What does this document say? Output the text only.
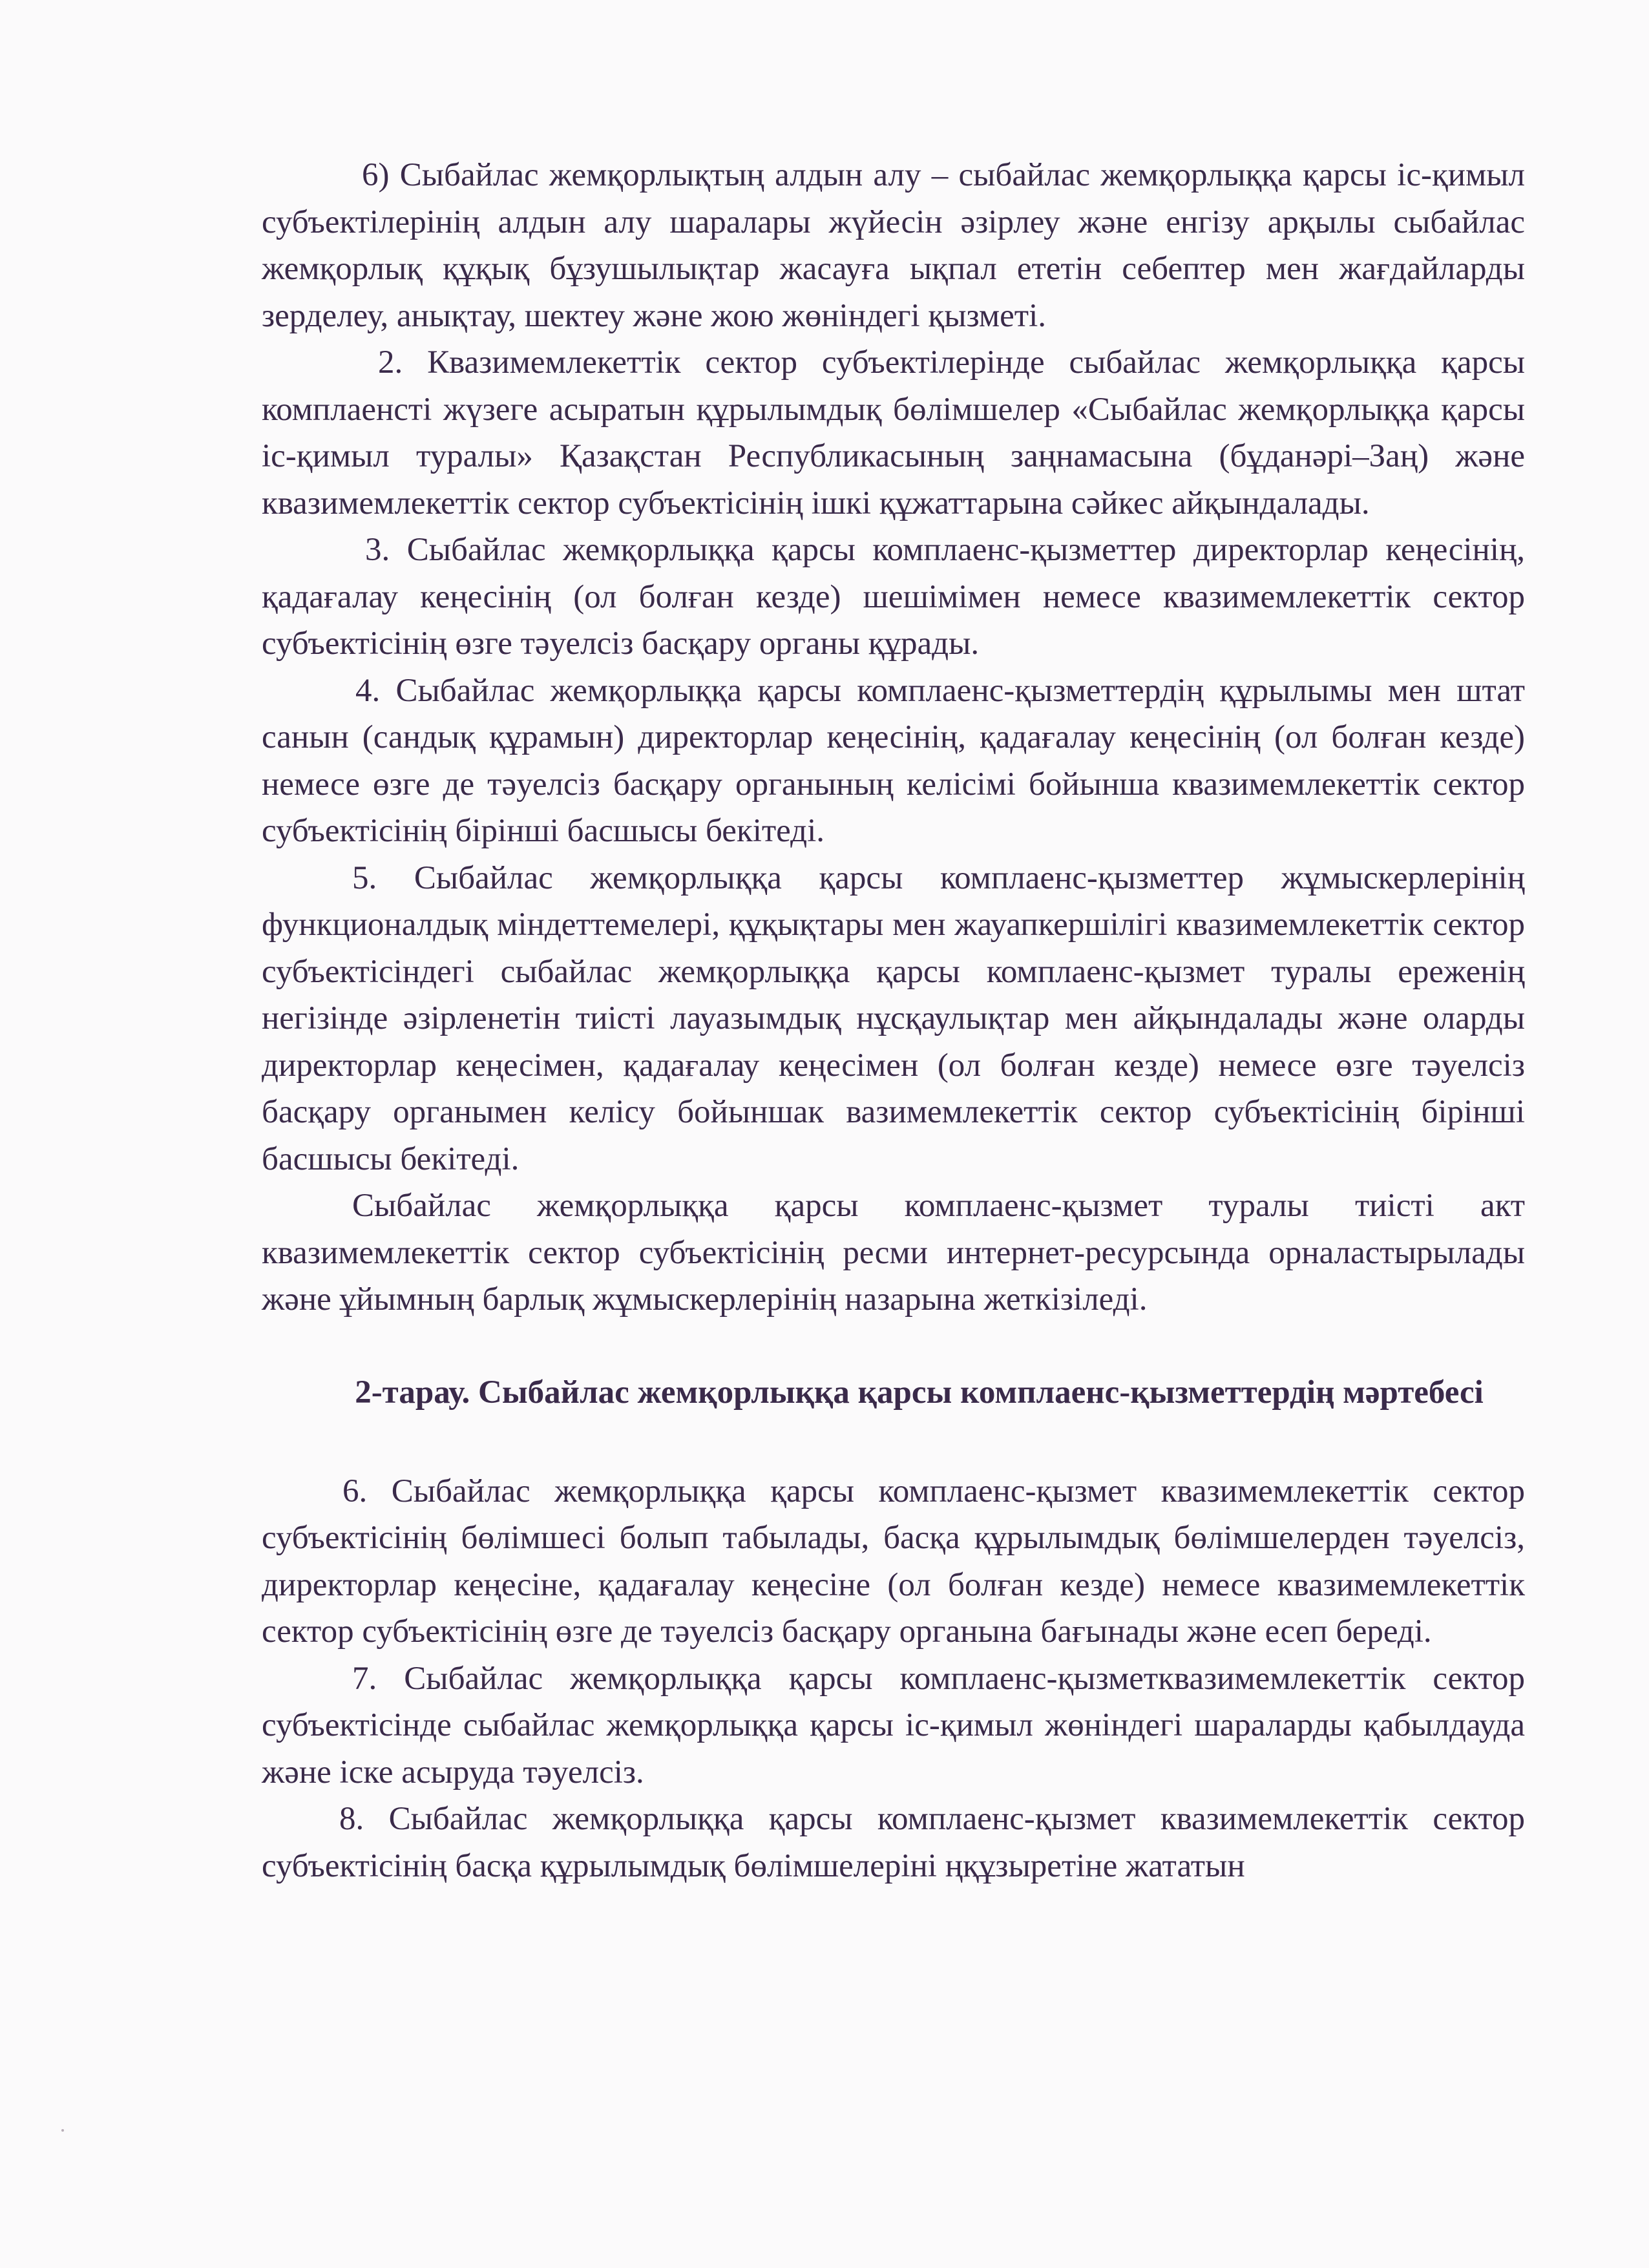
6) Сыбайлас жемқорлықтың алдын алу – сыбайлас жемқорлыққа қарсы іс-қимыл субъектілерінің алдын алу шаралары жүйесін әзірлеу және енгізу арқылы сыбайлас жемқорлық құқық бұзушылықтар жасауға ықпал ететін себептер мен жағдайларды зерделеу, анықтау, шектеу және жою жөніндегі қызметі.

2. Квазимемлекеттік сектор субъектілерінде сыбайлас жемқорлыққа қарсы комплаенсті жүзеге асыратын құрылымдық бөлімшелер «Сыбайлас жемқорлыққа қарсы іс-қимыл туралы» Қазақстан Республикасының заңнамасына (бұданәрі–Заң) және квазимемлекеттік сектор субъектісінің ішкі құжаттарына сәйкес айқындалады.

3. Сыбайлас жемқорлыққа қарсы комплаенс-қызметтер директорлар кеңесінің, қадағалау кеңесінің (ол болған кезде) шешімімен немесе квазимемлекеттік сектор субъектісінің өзге тәуелсіз басқару органы құрады.

4. Сыбайлас жемқорлыққа қарсы комплаенс-қызметтердің құрылымы мен штат санын (сандық құрамын) директорлар кеңесінің, қадағалау кеңесінің (ол болған кезде) немесе өзге де тәуелсіз басқару органының келісімі бойынша квазимемлекеттік сектор субъектісінің бірінші басшысы бекітеді.

5. Сыбайлас жемқорлыққа қарсы комплаенс-қызметтер жұмыскерлерінің функционалдық міндеттемелері, құқықтары мен жауапкершілігі квазимемлекеттік сектор субъектісіндегі сыбайлас жемқорлыққа қарсы комплаенс-қызмет туралы ереженің негізінде әзірленетін тиісті лауазымдық нұсқаулықтар мен айқындалады және оларды директорлар кеңесімен, қадағалау кеңесімен (ол болған кезде) немесе өзге тәуелсіз басқару органымен келісу бойыншак вазимемлекеттік сектор субъектісінің бірінші басшысы бекітеді.

Сыбайлас жемқорлыққа қарсы комплаенс-қызмет туралы тиісті акт квазимемлекеттік сектор субъектісінің ресми интернет-ресурсында орналастырылады және ұйымның барлық жұмыскерлерінің назарына жеткізіледі.

2-тарау. Сыбайлас жемқорлыққа қарсы комплаенс-қызметтердің мәртебесі

6. Сыбайлас жемқорлыққа қарсы комплаенс-қызмет квазимемлекеттік сектор субъектісінің бөлімшесі болып табылады, басқа құрылымдық бөлімшелерден тәуелсіз, директорлар кеңесіне, қадағалау кеңесіне (ол болған кезде) немесе квазимемлекеттік сектор субъектісінің өзге де тәуелсіз басқару органына бағынады және есеп береді.

7. Сыбайлас жемқорлыққа қарсы комплаенс-қызметквазимемлекеттік сектор субъектісінде сыбайлас жемқорлыққа қарсы іс-қимыл жөніндегі шараларды қабылдауда және іске асыруда тәуелсіз.

8. Сыбайлас жемқорлыққа қарсы комплаенс-қызмет квазимемлекеттік сектор субъектісінің басқа құрылымдық бөлімшелеріні ңқұзыретіне жататын
